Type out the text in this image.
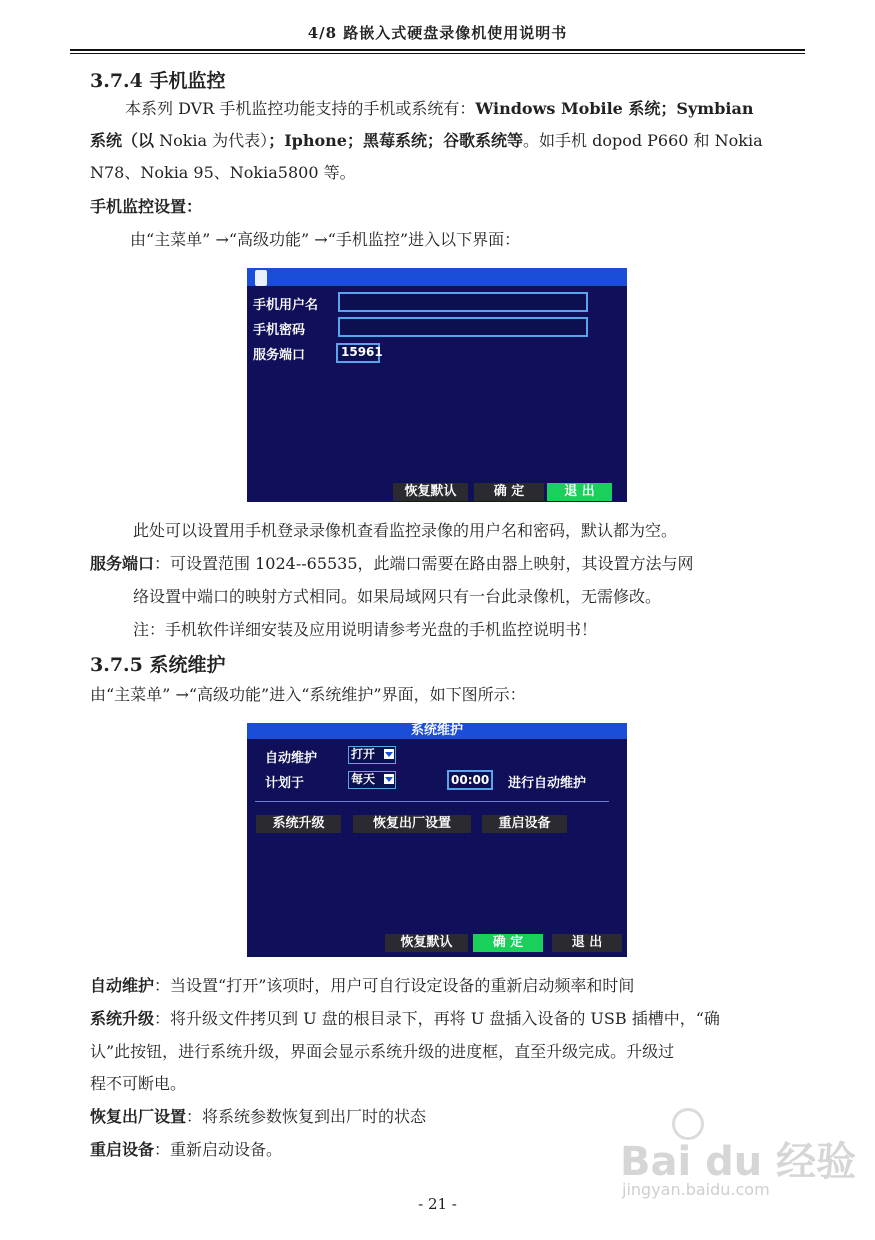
4/8 路嵌入式硬盘录像机使用说明书
3.7.4 手机监控
本系列 DVR 手机监控功能支持的手机或系统有：Windows Mobile 系统；Symbian
系统（以 Nokia 为代表）；Iphone；黑莓系统；谷歌系统等。如手机 dopod P660 和 Nokia
N78、Nokia 95、Nokia5800 等。
手机监控设置：
由“主菜单” →“高级功能” →“手机监控”进入以下界面：
手机用户名
手机密码
服务端口	15961
恢复默认	确 定	退 出
此处可以设置用手机登录录像机查看监控录像的用户名和密码，默认都为空。
服务端口：可设置范围 1024--65535，此端口需要在路由器上映射，其设置方法与网
络设置中端口的映射方式相同。如果局域网只有一台此录像机，无需修改。
注：手机软件详细安装及应用说明请参考光盘的手机监控说明书！
3.7.5 系统维护
由“主菜单” →“高级功能”进入“系统维护”界面，如下图所示：
系统维护
自动维护	打开
计划于	每天	00:00 进行自动维护
系统升级	恢复出厂设置	重启设备
恢复默认	确 定	退 出
自动维护：当设置“打开”该项时，用户可自行设定设备的重新启动频率和时间
系统升级：将升级文件拷贝到 U 盘的根目录下，再将 U 盘插入设备的 USB 插槽中，“确
认”此按钮，进行系统升级，界面会显示系统升级的进度框，直至升级完成。升级过
程不可断电。
恢复出厂设置：将系统参数恢复到出厂时的状态
重启设备：重新启动设备。	Bai du 经验
jingyan.baidu.com
- 21 -
